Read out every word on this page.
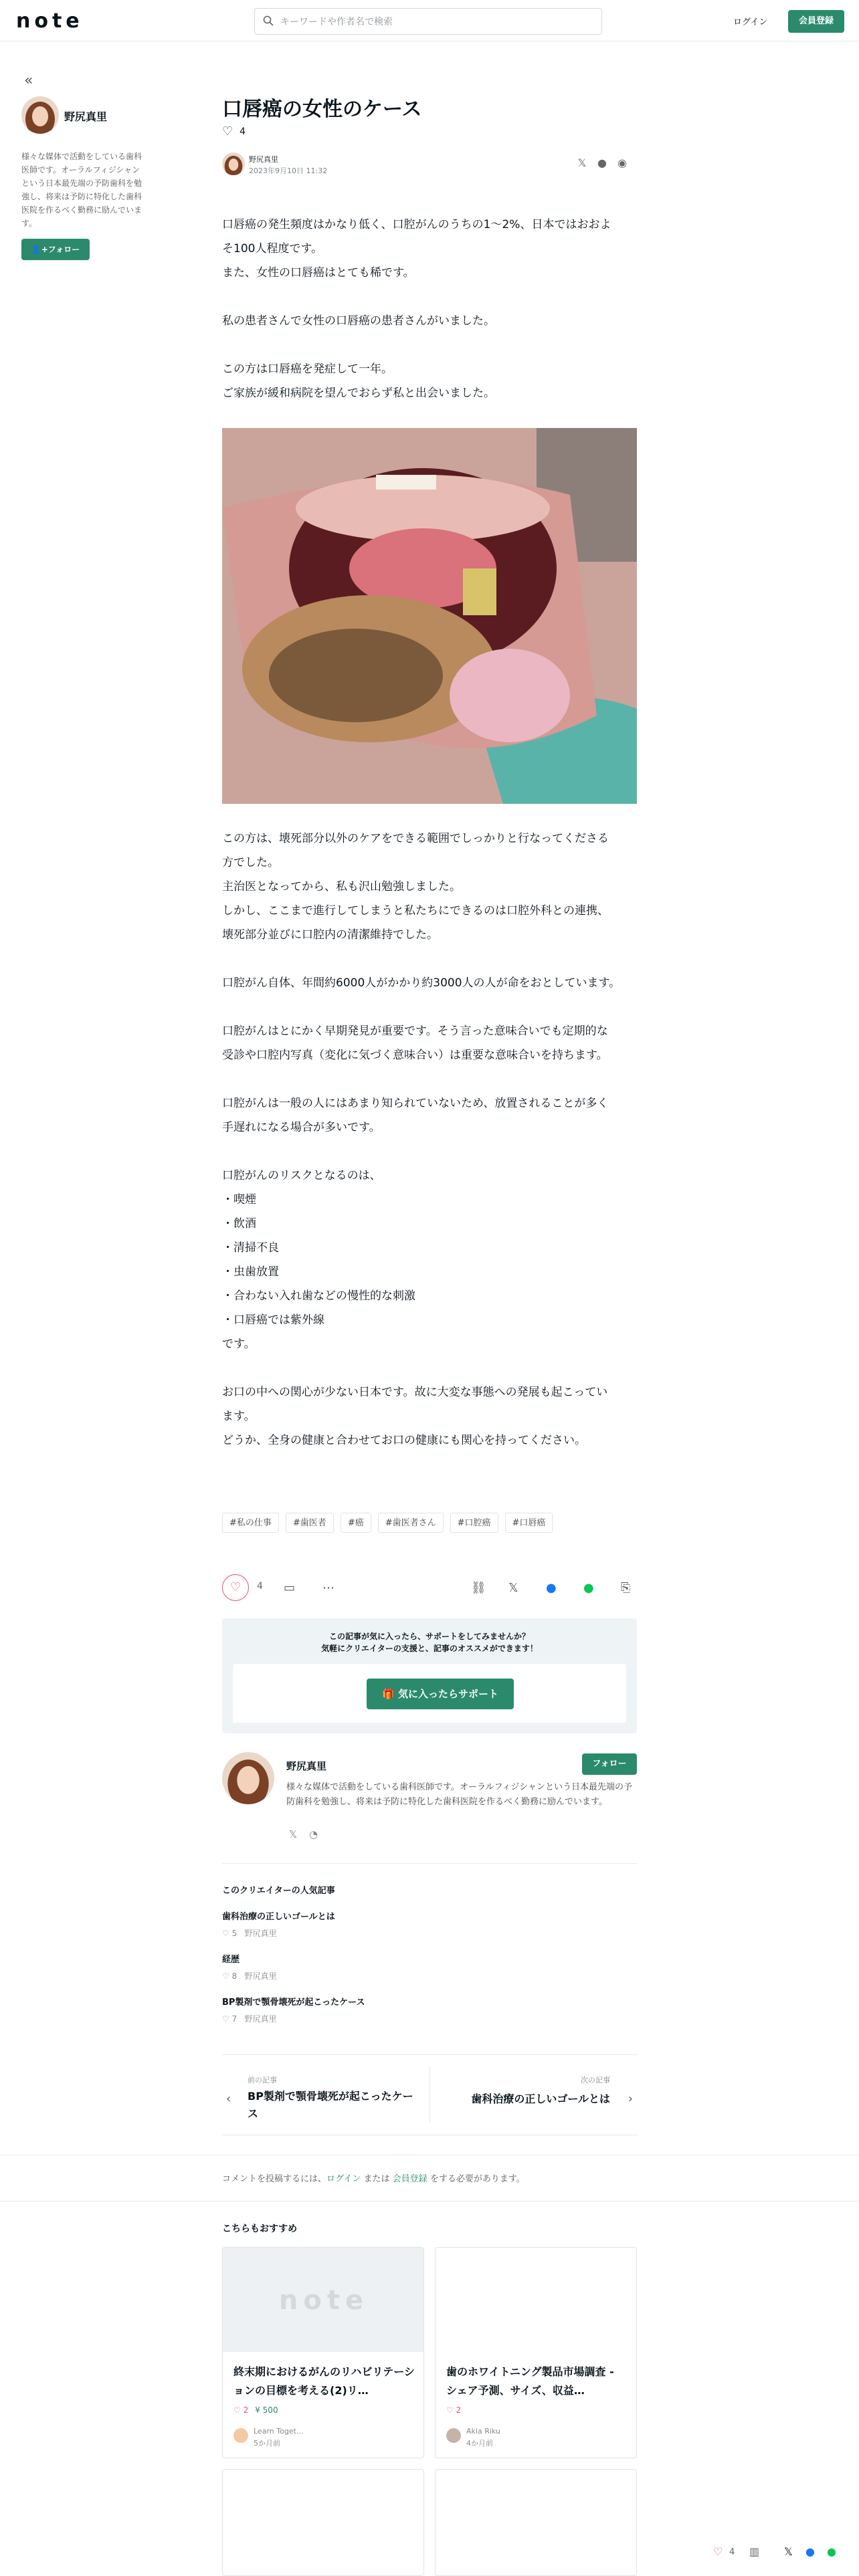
note
キーワードや作者名で検索	ログイン	会員登録
«
野尻真里
様々な媒体で活動をしている歯科医師です。オーラルフィジシャンという日本最先端の予防歯科を勉強し、将来は予防に特化した歯科医院を作るべく勤務に励んでいます。
👤+フォロー
口唇癌の女性のケース
♡ 4
野尻真里
2023年9月10日 11:32
𝕏 ● ◉

口唇癌の発生頻度はかなり低く、口腔がんのうちの1〜2%、日本ではおおよ
そ100人程度です。
また、女性の口唇癌はとても稀です。

私の患者さんで女性の口唇癌の患者さんがいました。

この方は口唇癌を発症して一年。
ご家族が緩和病院を望んでおらず私と出会いました。

この方は、壊死部分以外のケアをできる範囲でしっかりと行なってくださる
方でした。
主治医となってから、私も沢山勉強しました。
しかし、ここまで進行してしまうと私たちにできるのは口腔外科との連携、
壊死部分並びに口腔内の清潔維持でした。

口腔がん自体、年間約6000人がかかり約3000人の人が命をおとしています。

口腔がんはとにかく早期発見が重要です。そう言った意味合いでも定期的な
受診や口腔内写真（変化に気づく意味合い）は重要な意味合いを持ちます。

口腔がんは一般の人にはあまり知られていないため、放置されることが多く
手遅れになる場合が多いです。

口腔がんのリスクとなるのは、
・喫煙
・飲酒
・清掃不良
・虫歯放置
・合わない入れ歯などの慢性的な刺激
・口唇癌では紫外線
です。

お口の中への関心が少ない日本です。故に大変な事態への発展も起こってい
ます。
どうか、全身の健康と合わせてお口の健康にも関心を持ってください。

#私の仕事 #歯医者 #癌 #歯医者さん #口腔癌 #口唇癌
♡	4 ▭ ⋯	⛓ 𝕏 ● ● ⎘
この記事が気に入ったら、サポートをしてみませんか？
気軽にクリエイターの支援と、記事のオススメができます！
🎁 気に入ったらサポート
野尻真里	フォロー
様々な媒体で活動をしている歯科医師です。オーラルフィジシャンという日本最先端の予防歯科を勉強し、将来は予防に特化した歯科医院を作るべく勤務に励んでいます。
𝕏 ◔
このクリエイターの人気記事
歯科治療の正しいゴールとは
♡ 5 野尻真里
経歴
♡ 8 野尻真里
BP製剤で顎骨壊死が起こったケース
♡ 7 野尻真里
‹
前の記事
BP製剤で顎骨壊死が起こったケース
次の記事
歯科治療の正しいゴールとは ›
コメントを投稿するには、ログイン または 会員登録 をする必要があります。
こちらもおすすめ
note
終末期におけるがんのリハビリテーションの目標を考える(2)リ…
♡ 2 ¥ 500
Learn Toget…
5か月前
歯のホワイトニング製品市場調査 - シェア予測、サイズ、収益…
♡ 2
Akia Riku
4か月前
♡ 4 ▥ 𝕏 ● ●
